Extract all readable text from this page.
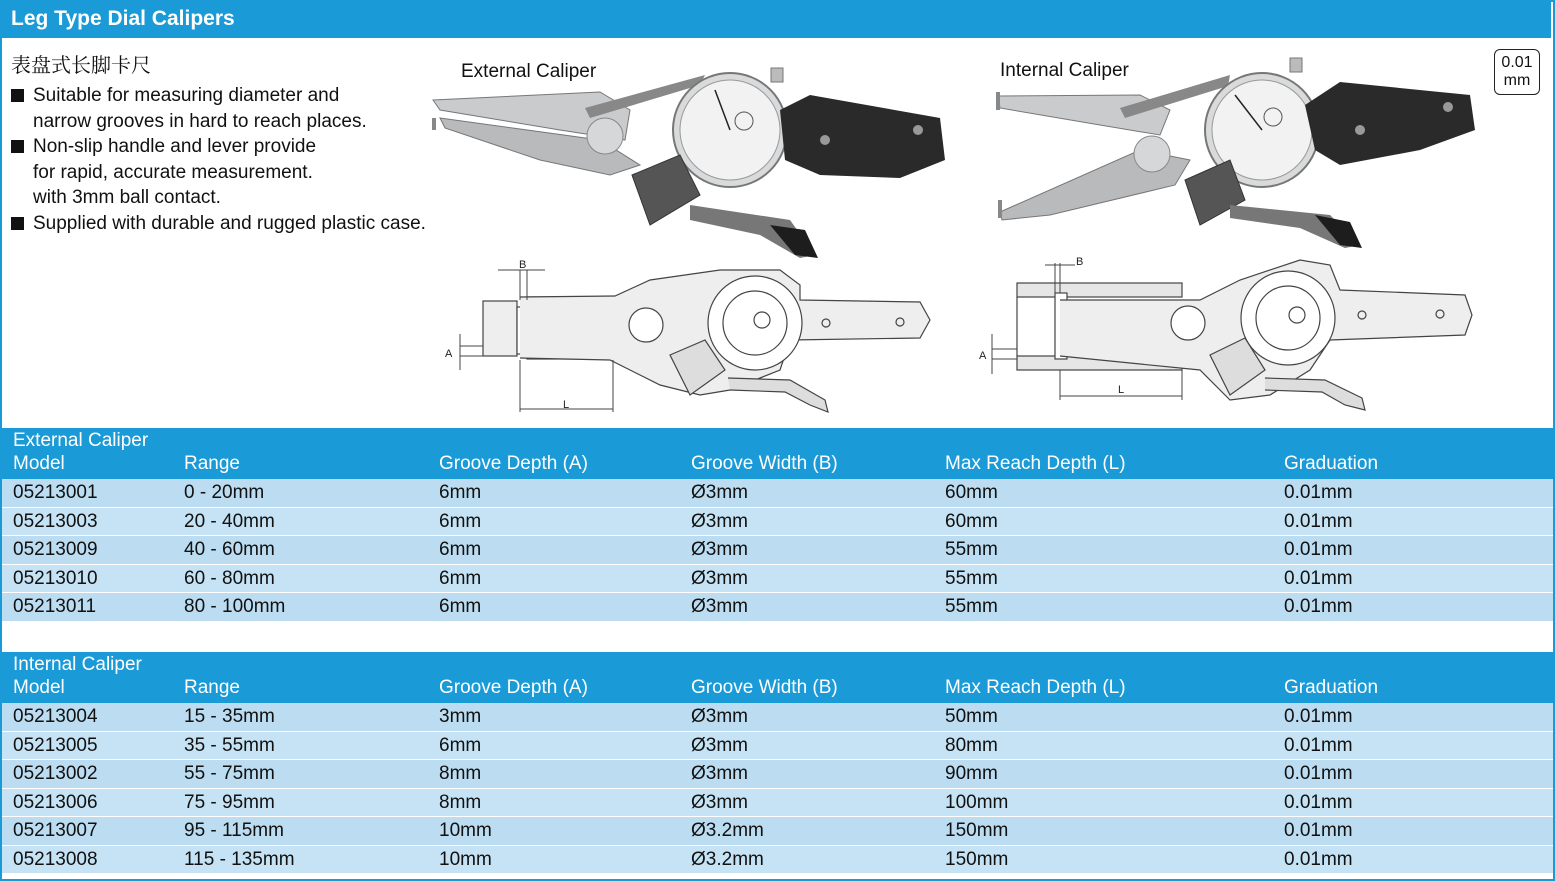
Leg Type Dial Calipers
表盘式长脚卡尺
Suitable for measuring diameter and
narrow grooves in hard to reach places.
Non-slip handle and lever provide
for rapid, accurate measurement.
with 3mm ball contact.
Supplied with durable and rugged plastic case.
0.01
mm
External Caliper	Internal Caliper
B
A
L
B
A
L
External Caliper
Model	Range	Groove Depth (A)	Groove Width (B)	Max Reach Depth (L)	Graduation
05213001	0 - 20mm	6mm	Ø3mm	60mm	0.01mm
05213003	20 - 40mm	6mm	Ø3mm	60mm	0.01mm
05213009	40 - 60mm	6mm	Ø3mm	55mm	0.01mm
05213010	60 - 80mm	6mm	Ø3mm	55mm	0.01mm
05213011	80 - 100mm	6mm	Ø3mm	55mm	0.01mm
Internal Caliper
Model	Range	Groove Depth (A)	Groove Width (B)	Max Reach Depth (L)	Graduation
05213004	15 - 35mm	3mm	Ø3mm	50mm	0.01mm
05213005	35 - 55mm	6mm	Ø3mm	80mm	0.01mm
05213002	55 - 75mm	8mm	Ø3mm	90mm	0.01mm
05213006	75 - 95mm	8mm	Ø3mm	100mm	0.01mm
05213007	95 - 115mm	10mm	Ø3.2mm	150mm	0.01mm
05213008	115 - 135mm	10mm	Ø3.2mm	150mm	0.01mm
